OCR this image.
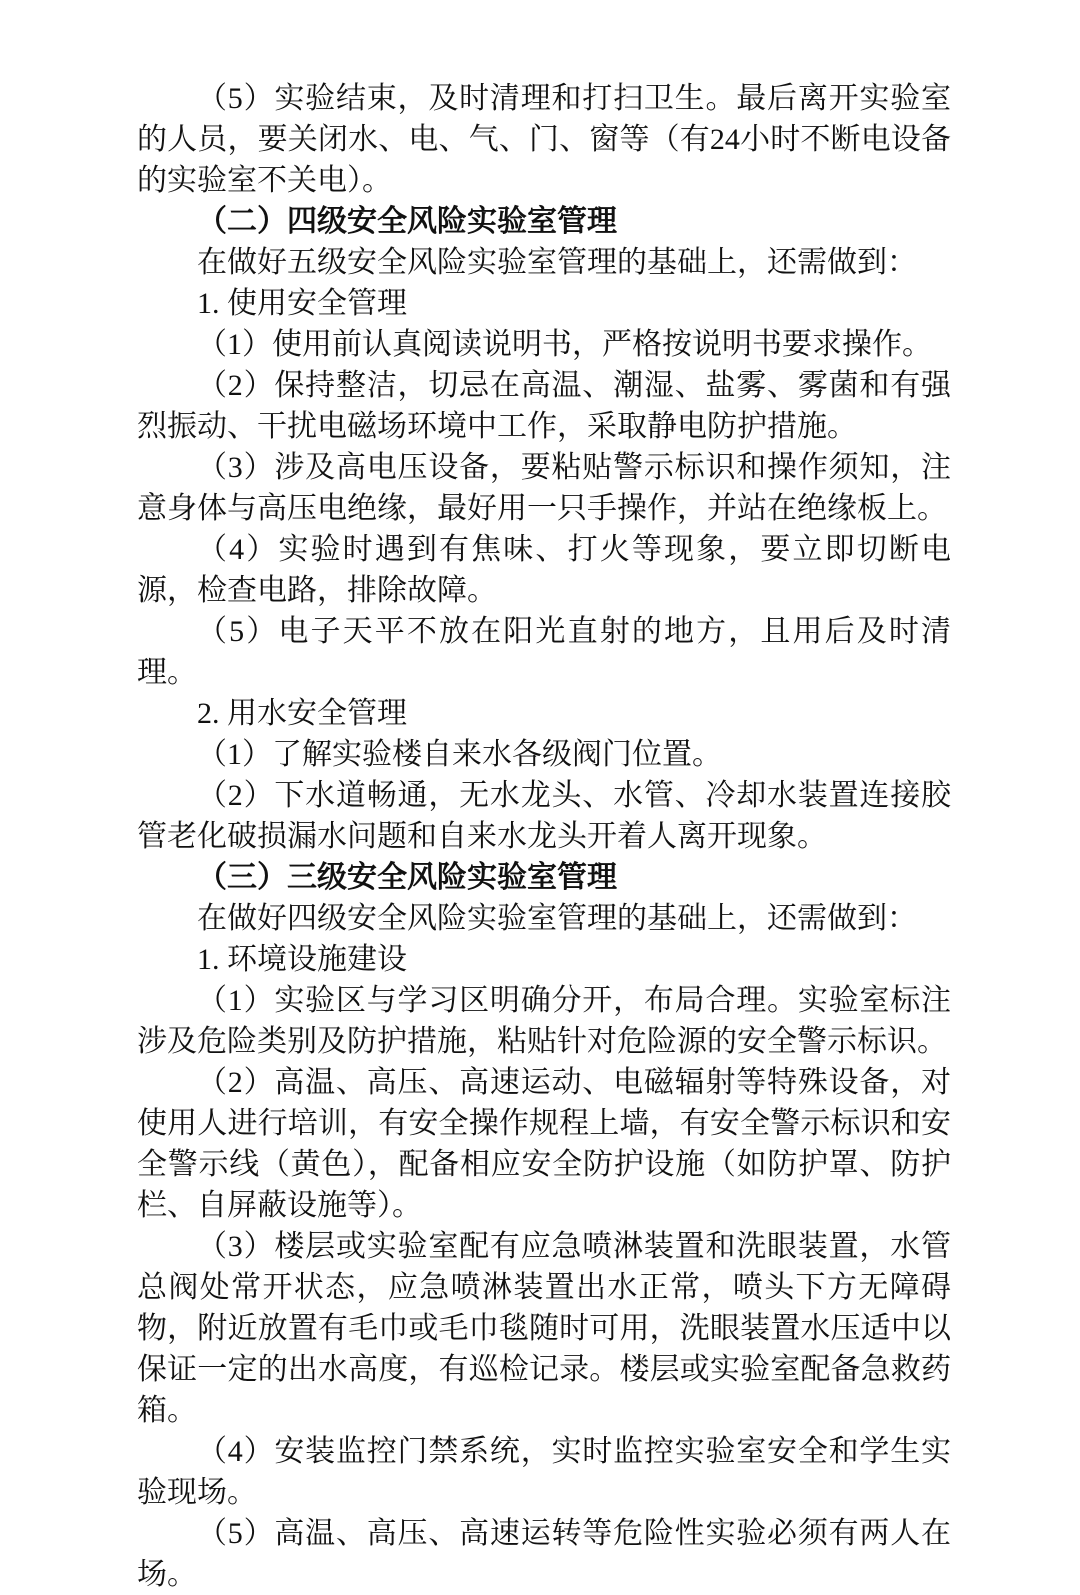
（5）实验结束，及时清理和打扫卫生。最后离开实验室的人员，要关闭水、电、气、门、窗等（有24小时不断电设备的实验室不关电）。

（二）四级安全风险实验室管理

在做好五级安全风险实验室管理的基础上，还需做到：

1. 使用安全管理

（1）使用前认真阅读说明书，严格按说明书要求操作。

（2）保持整洁，切忌在高温、潮湿、盐雾、雾菌和有强烈振动、干扰电磁场环境中工作，采取静电防护措施。

（3）涉及高电压设备，要粘贴警示标识和操作须知，注意身体与高压电绝缘，最好用一只手操作，并站在绝缘板上。

（4）实验时遇到有焦味、打火等现象，要立即切断电源，检查电路，排除故障。

（5）电子天平不放在阳光直射的地方，且用后及时清理。

2. 用水安全管理

（1）了解实验楼自来水各级阀门位置。

（2）下水道畅通，无水龙头、水管、冷却水装置连接胶管老化破损漏水问题和自来水龙头开着人离开现象。

（三）三级安全风险实验室管理

在做好四级安全风险实验室管理的基础上，还需做到：

1. 环境设施建设

（1）实验区与学习区明确分开，布局合理。实验室标注涉及危险类别及防护措施，粘贴针对危险源的安全警示标识。

（2）高温、高压、高速运动、电磁辐射等特殊设备，对使用人进行培训，有安全操作规程上墙，有安全警示标识和安全警示线（黄色），配备相应安全防护设施（如防护罩、防护栏、自屏蔽设施等）。

（3）楼层或实验室配有应急喷淋装置和洗眼装置，水管总阀处常开状态，应急喷淋装置出水正常，喷头下方无障碍物，附近放置有毛巾或毛巾毯随时可用，洗眼装置水压适中以保证一定的出水高度，有巡检记录。楼层或实验室配备急救药箱。

（4）安装监控门禁系统，实时监控实验室安全和学生实验现场。

（5）高温、高压、高速运转等危险性实验必须有两人在场。
